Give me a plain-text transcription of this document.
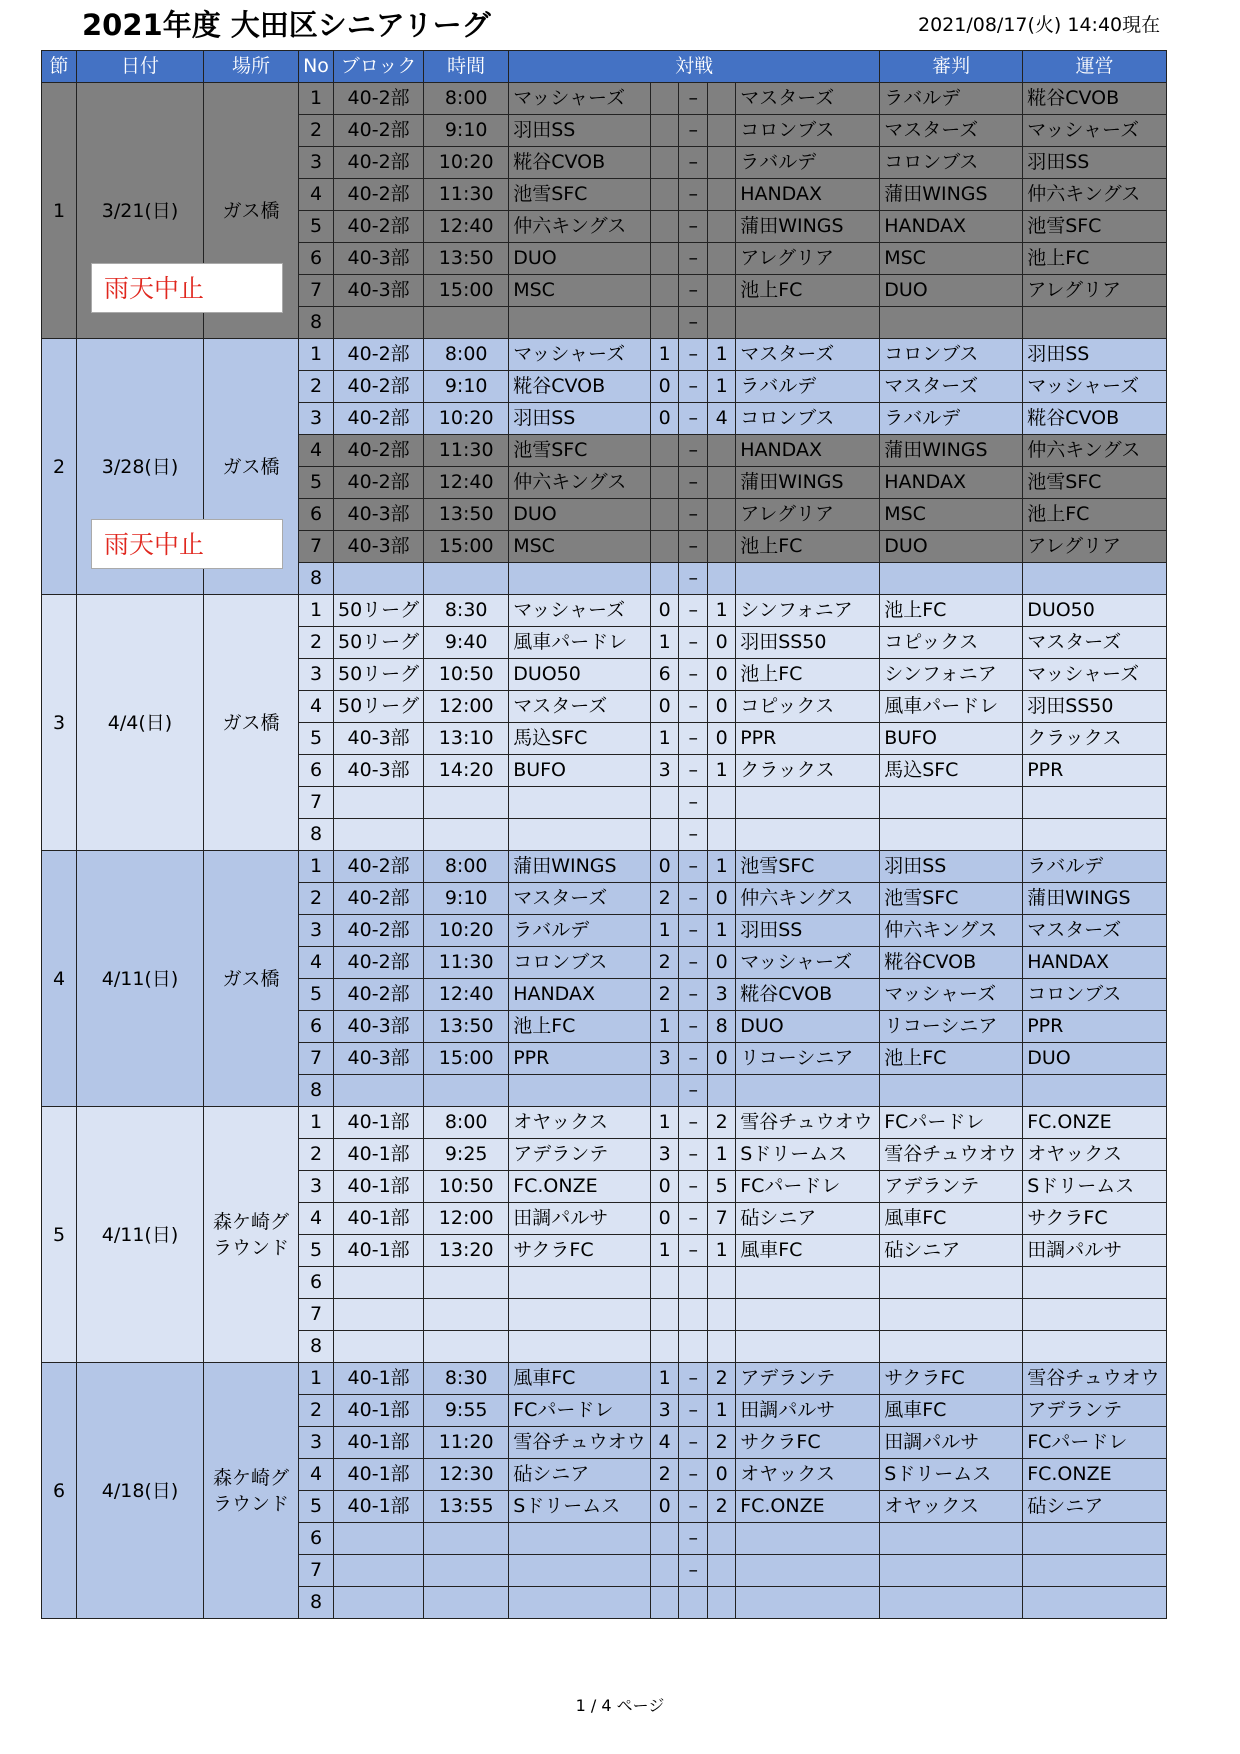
2021年度 大田区シニアリーグ	2021/08/17(火) 14:40現在
節	日付	場所	No	ブロック	時間	対戦					審判	運営
1	3/21(日)	ガス橋	1	40-2部	8:00	マッシャーズ		–		マスターズ	ラバルデ	糀谷CVOB
			2	40-2部	9:10	羽田SS		–		コロンブス	マスターズ	マッシャーズ
			3	40-2部	10:20	糀谷CVOB		–		ラバルデ	コロンブス	羽田SS
			4	40-2部	11:30	池雪SFC		–		HANDAX	蒲田WINGS	仲六キングス
			5	40-2部	12:40	仲六キングス		–		蒲田WINGS	HANDAX	池雪SFC
			6	40-3部	13:50	DUO		–		アレグリア	MSC	池上FC
			7	40-3部	15:00	MSC		–		池上FC	DUO	アレグリア
			8					–				
2	3/28(日)	ガス橋	1	40-2部	8:00	マッシャーズ	1	–	1	マスターズ	コロンブス	羽田SS
			2	40-2部	9:10	糀谷CVOB	0	–	1	ラバルデ	マスターズ	マッシャーズ
			3	40-2部	10:20	羽田SS	0	–	4	コロンブス	ラバルデ	糀谷CVOB
			4	40-2部	11:30	池雪SFC		–		HANDAX	蒲田WINGS	仲六キングス
			5	40-2部	12:40	仲六キングス		–		蒲田WINGS	HANDAX	池雪SFC
			6	40-3部	13:50	DUO		–		アレグリア	MSC	池上FC
			7	40-3部	15:00	MSC		–		池上FC	DUO	アレグリア
			8					–				
3	4/4(日)	ガス橋	1	50リーグ	8:30	マッシャーズ	0	–	1	シンフォニア	池上FC	DUO50
			2	50リーグ	9:40	風車パードレ	1	–	0	羽田SS50	コピックス	マスターズ
			3	50リーグ	10:50	DUO50	6	–	0	池上FC	シンフォニア	マッシャーズ
			4	50リーグ	12:00	マスターズ	0	–	0	コピックス	風車パードレ	羽田SS50
			5	40-3部	13:10	馬込SFC	1	–	0	PPR	BUFO	クラックス
			6	40-3部	14:20	BUFO	3	–	1	クラックス	馬込SFC	PPR
			7					–				
			8					–				
4	4/11(日)	ガス橋	1	40-2部	8:00	蒲田WINGS	0	–	1	池雪SFC	羽田SS	ラバルデ
			2	40-2部	9:10	マスターズ	2	–	0	仲六キングス	池雪SFC	蒲田WINGS
			3	40-2部	10:20	ラバルデ	1	–	1	羽田SS	仲六キングス	マスターズ
			4	40-2部	11:30	コロンブス	2	–	0	マッシャーズ	糀谷CVOB	HANDAX
			5	40-2部	12:40	HANDAX	2	–	3	糀谷CVOB	マッシャーズ	コロンブス
			6	40-3部	13:50	池上FC	1	–	8	DUO	リコーシニア	PPR
			7	40-3部	15:00	PPR	3	–	0	リコーシニア	池上FC	DUO
			8					–				
5	4/11(日)	森ケ崎グラウンド	1	40-1部	8:00	オヤックス	1	–	2	雪谷チュウオウ	FCパードレ	FC.ONZE
			2	40-1部	9:25	アデランテ	3	–	1	Sドリームス	雪谷チュウオウ	オヤックス
			3	40-1部	10:50	FC.ONZE	0	–	5	FCパードレ	アデランテ	Sドリームス
			4	40-1部	12:00	田調パルサ	0	–	7	砧シニア	風車FC	サクラFC
			5	40-1部	13:20	サクラFC	1	–	1	風車FC	砧シニア	田調パルサ
			6									
			7									
			8									
6	4/18(日)	森ケ崎グラウンド	1	40-1部	8:30	風車FC	1	–	2	アデランテ	サクラFC	雪谷チュウオウ
			2	40-1部	9:55	FCパードレ	3	–	1	田調パルサ	風車FC	アデランテ
			3	40-1部	11:20	雪谷チュウオウ	4	–	2	サクラFC	田調パルサ	FCパードレ
			4	40-1部	12:30	砧シニア	2	–	0	オヤックス	Sドリームス	FC.ONZE
			5	40-1部	13:55	Sドリームス	0	–	2	FC.ONZE	オヤックス	砧シニア
			6					–				
			7					–				
			8									
雨天中止
雨天中止
1 / 4 ページ
